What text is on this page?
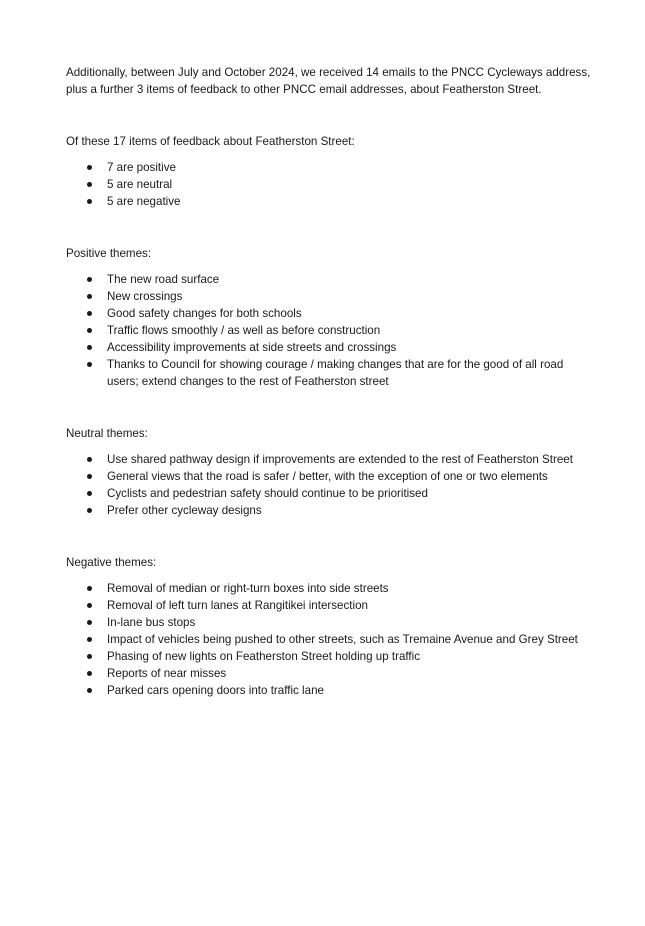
Additionally, between July and October 2024, we received 14 emails to the PNCC Cycleways address, plus a further 3 items of feedback to other PNCC email addresses, about Featherston Street.

Of these 17 items of feedback about Featherston Street:

7 are positive
5 are neutral
5 are negative

Positive themes:

The new road surface
New crossings
Good safety changes for both schools
Traffic flows smoothly / as well as before construction
Accessibility improvements at side streets and crossings
Thanks to Council for showing courage / making changes that are for the good of all road users; extend changes to the rest of Featherston street

Neutral themes:

Use shared pathway design if improvements are extended to the rest of Featherston Street
General views that the road is safer / better, with the exception of one or two elements
Cyclists and pedestrian safety should continue to be prioritised
Prefer other cycleway designs

Negative themes:

Removal of median or right-turn boxes into side streets
Removal of left turn lanes at Rangitikei intersection
In-lane bus stops
Impact of vehicles being pushed to other streets, such as Tremaine Avenue and Grey Street
Phasing of new lights on Featherston Street holding up traffic
Reports of near misses
Parked cars opening doors into traffic lane
